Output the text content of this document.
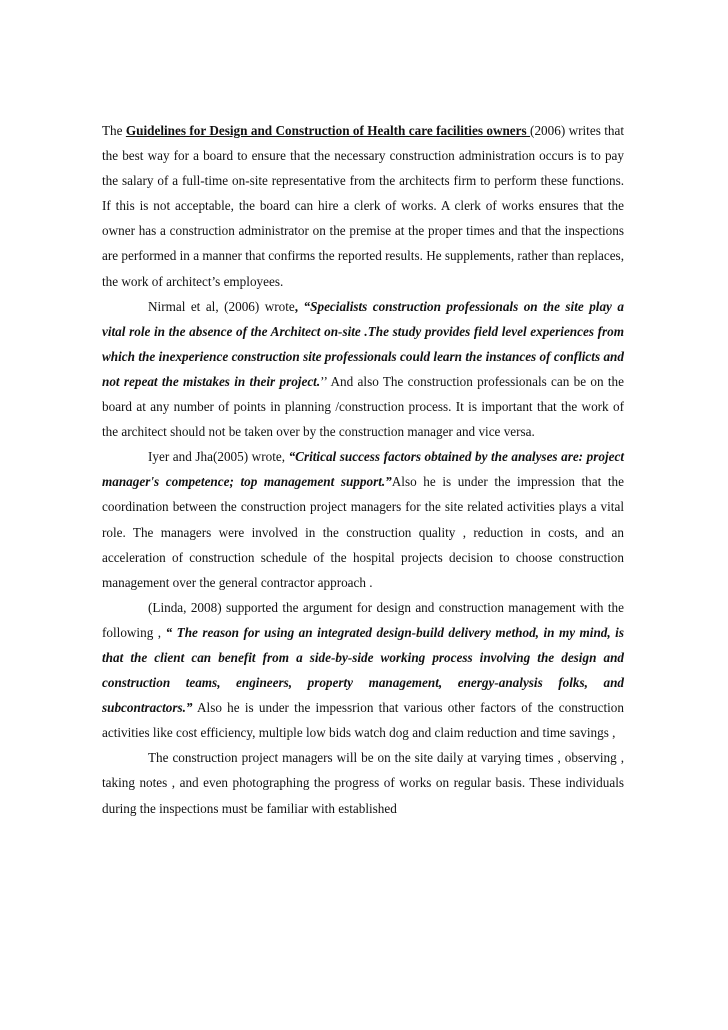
The Guidelines for Design and Construction of Health care facilities owners (2006) writes that the best way for a board to ensure that the necessary construction administration occurs is to pay the salary of a full-time on-site representative from the architects firm to perform these functions. If this is not acceptable, the board can hire a clerk of works. A clerk of works ensures that the owner has a construction administrator on the premise at the proper times and that the inspections are performed in a manner that confirms the reported results. He supplements, rather than replaces, the work of architect’s employees.

Nirmal et al, (2006) wrote, “Specialists construction professionals on the site play a vital role in the absence of the Architect on-site .The study provides field level experiences from which the inexperience construction site professionals could learn the instances of conflicts and not repeat the mistakes in their project.’’ And also The construction professionals can be on the board at any number of points in planning /construction process. It is important that the work of the architect should not be taken over by the construction manager and vice versa.

Iyer and Jha(2005) wrote, “Critical success factors obtained by the analyses are: project manager's competence; top management support.”Also he is under the impression that the coordination between the construction project managers for the site related activities plays a vital role. The managers were involved in the construction quality , reduction in costs, and an acceleration of construction schedule of the hospital projects decision to choose construction management over the general contractor approach .

(Linda, 2008) supported the argument for design and construction management with the following , “ The reason for using an integrated design-build delivery method, in my mind, is that the client can benefit from a side-by-side working process involving the design and construction teams, engineers, property management, energy-analysis folks, and subcontractors.” Also he is under the impessrion that various other factors of the construction activities like cost efficiency, multiple low bids watch dog and claim reduction and time savings ,

The construction project managers will be on the site daily at varying times , observing , taking notes , and even photographing the progress of works on regular basis. These individuals during the inspections must be familiar with established
